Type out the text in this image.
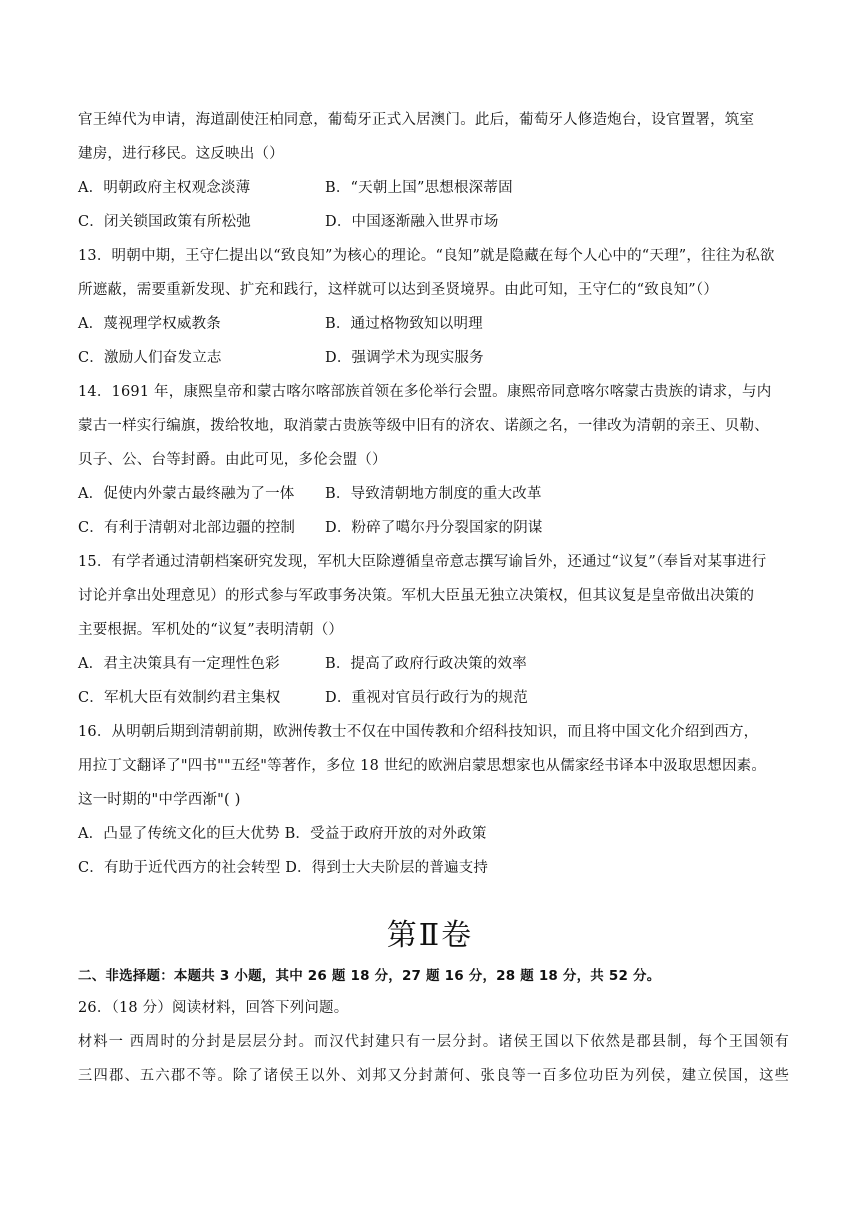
官王绰代为申请，海道副使汪柏同意，葡萄牙正式入居澳门。此后，葡萄牙人修造炮台，设官置署，筑室
建房，进行移民。这反映出（）
A．明朝政府主权观念淡薄	B．“天朝上国”思想根深蒂固
C．闭关锁国政策有所松弛	D．中国逐渐融入世界市场
13．明朝中期，王守仁提出以“致良知”为核心的理论。“良知”就是隐藏在每个人心中的“天理”，往往为私欲
所遮蔽，需要重新发现、扩充和践行，这样就可以达到圣贤境界。由此可知，王守仁的“致良知”（）
A．蔑视理学权威教条	B．通过格物致知以明理
C．激励人们奋发立志	D．强调学术为现实服务
14．1691 年，康熙皇帝和蒙古喀尔喀部族首领在多伦举行会盟。康熙帝同意喀尔喀蒙古贵族的请求，与内
蒙古一样实行编旗，拨给牧地，取消蒙古贵族等级中旧有的济农、诺颜之名，一律改为清朝的亲王、贝勒、
贝子、公、台等封爵。由此可见，多伦会盟（）
A．促使内外蒙古最终融为了一体 B．导致清朝地方制度的重大改革
C．有利于清朝对北部边疆的控制 D．粉碎了噶尔丹分裂国家的阴谋
15．有学者通过清朝档案研究发现，军机大臣除遵循皇帝意志撰写谕旨外，还通过“议复”（奉旨对某事进行
讨论并拿出处理意见）的形式参与军政事务决策。军机大臣虽无独立决策权，但其议复是皇帝做出决策的
主要根据。军机处的“议复”表明清朝（）
A．君主决策具有一定理性色彩	B．提高了政府行政决策的效率
C．军机大臣有效制约君主集权	D．重视对官员行政行为的规范
16．从明朝后期到清朝前期，欧洲传教士不仅在中国传教和介绍科技知识，而且将中国文化介绍到西方，
用拉丁文翻译了"四书""五经"等著作，多位 18 世纪的欧洲启蒙思想家也从儒家经书译本中汲取思想因素。
这一时期的"中学西渐"( )
A．凸显了传统文化的巨大优势 B．受益于政府开放的对外政策
C．有助于近代西方的社会转型 D．得到士大夫阶层的普遍支持
第Ⅱ卷
二、非选择题：本题共 3 小题，其中 26 题 18 分，27 题 16 分，28 题 18 分，共 52 分。
26．（18 分）阅读材料，回答下列问题。
材料一 西周时的分封是层层分封。而汉代封建只有一层分封。诸侯王国以下依然是郡县制，每个王国领有
三四郡、五六郡不等。除了诸侯王以外、刘邦又分封萧何、张良等一百多位功臣为列侯，建立侯国，这些
